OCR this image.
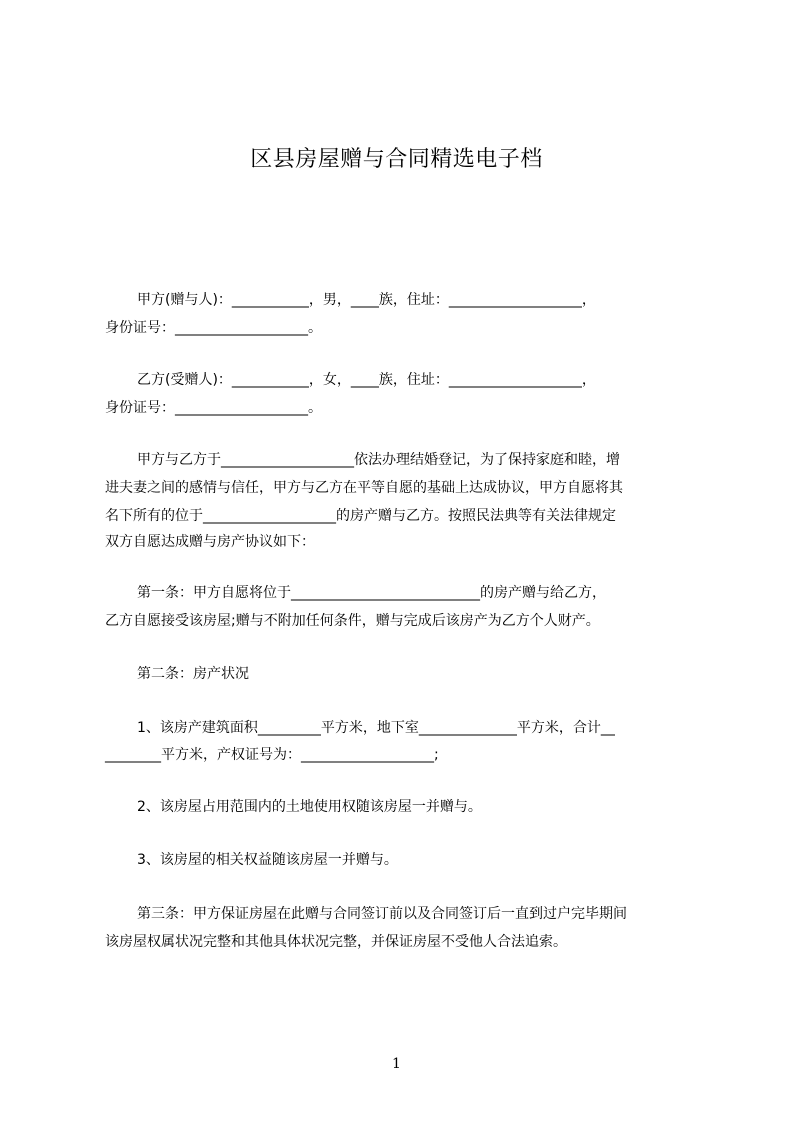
区县房屋赠与合同精选电子档
甲方(赠与人)：___________，男，____族，住址：___________________，
身份证号：___________________。
乙方(受赠人)：___________，女，____族，住址：___________________，
身份证号：___________________。
甲方与乙方于___________________依法办理结婚登记，为了保持家庭和睦，增
进夫妻之间的感情与信任，甲方与乙方在平等自愿的基础上达成协议，甲方自愿将其
名下所有的位于___________________的房产赠与乙方。按照民法典等有关法律规定
双方自愿达成赠与房产协议如下：
第一条：甲方自愿将位于___________________________的房产赠与给乙方，
乙方自愿接受该房屋;赠与不附加任何条件，赠与完成后该房产为乙方个人财产。
第二条：房产状况
1、该房产建筑面积_________平方米，地下室______________平方米，合计__
________平方米，产权证号为：___________________;
2、该房屋占用范围内的土地使用权随该房屋一并赠与。
3、该房屋的相关权益随该房屋一并赠与。
第三条：甲方保证房屋在此赠与合同签订前以及合同签订后一直到过户完毕期间
该房屋权属状况完整和其他具体状况完整，并保证房屋不受他人合法追索。
1
